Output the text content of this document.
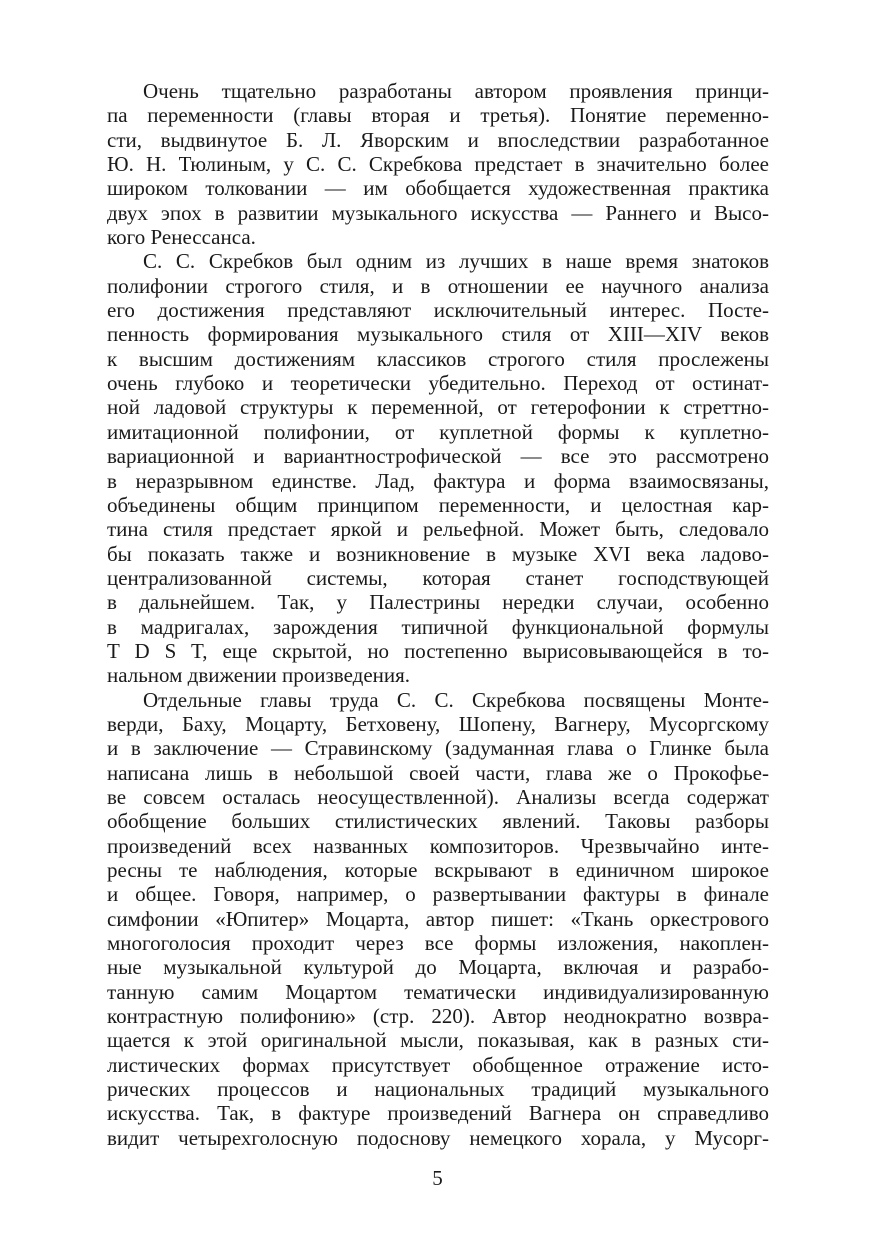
Очень тщательно разработаны автором проявления принци-
па переменности (главы вторая и третья). Понятие переменно-
сти, выдвинутое Б. Л. Яворским и впоследствии разработанное
Ю. Н. Тюлиным, у С. С. Скребкова предстает в значительно более
широком толковании — им обобщается художественная практика
двух эпох в развитии музыкального искусства — Раннего и Высо-
кого Ренессанса.
С. С. Скребков был одним из лучших в наше время знатоков
полифонии строгого стиля, и в отношении ее научного анализа
его достижения представляют исключительный интерес. Посте-
пенность формирования музыкального стиля от XIII—XIV веков
к высшим достижениям классиков строгого стиля прослежены
очень глубоко и теоретически убедительно. Переход от остинат-
ной ладовой структуры к переменной, от гетерофонии к стреттно-
имитационной полифонии, от куплетной формы к куплетно-
вариационной и вариантнострофической — все это рассмотрено
в неразрывном единстве. Лад, фактура и форма взаимосвязаны,
объединены общим принципом переменности, и целостная кар-
тина стиля предстает яркой и рельефной. Может быть, следовало
бы показать также и возникновение в музыке XVI века ладово-
централизованной системы, которая станет господствующей
в дальнейшем. Так, у Палестрины нередки случаи, особенно
в мадригалах, зарождения типичной функциональной формулы
T D S T, еще скрытой, но постепенно вырисовывающейся в то-
нальном движении произведения.
Отдельные главы труда С. С. Скребкова посвящены Монте-
верди, Баху, Моцарту, Бетховену, Шопену, Вагнеру, Мусоргскому
и в заключение — Стравинскому (задуманная глава о Глинке была
написана лишь в небольшой своей части, глава же о Прокофье-
ве совсем осталась неосуществленной). Анализы всегда содержат
обобщение больших стилистических явлений. Таковы разборы
произведений всех названных композиторов. Чрезвычайно инте-
ресны те наблюдения, которые вскрывают в единичном широкое
и общее. Говоря, например, о развертывании фактуры в финале
симфонии «Юпитер» Моцарта, автор пишет: «Ткань оркестрового
многоголосия проходит через все формы изложения, накоплен-
ные музыкальной культурой до Моцарта, включая и разрабо-
танную самим Моцартом тематически индивидуализированную
контрастную полифонию» (стр. 220). Автор неоднократно возвра-
щается к этой оригинальной мысли, показывая, как в разных сти-
листических формах присутствует обобщенное отражение исто-
рических процессов и национальных традиций музыкального
искусства. Так, в фактуре произведений Вагнера он справедливо
видит четырехголосную подоснову немецкого хорала, у Мусорг-
5
